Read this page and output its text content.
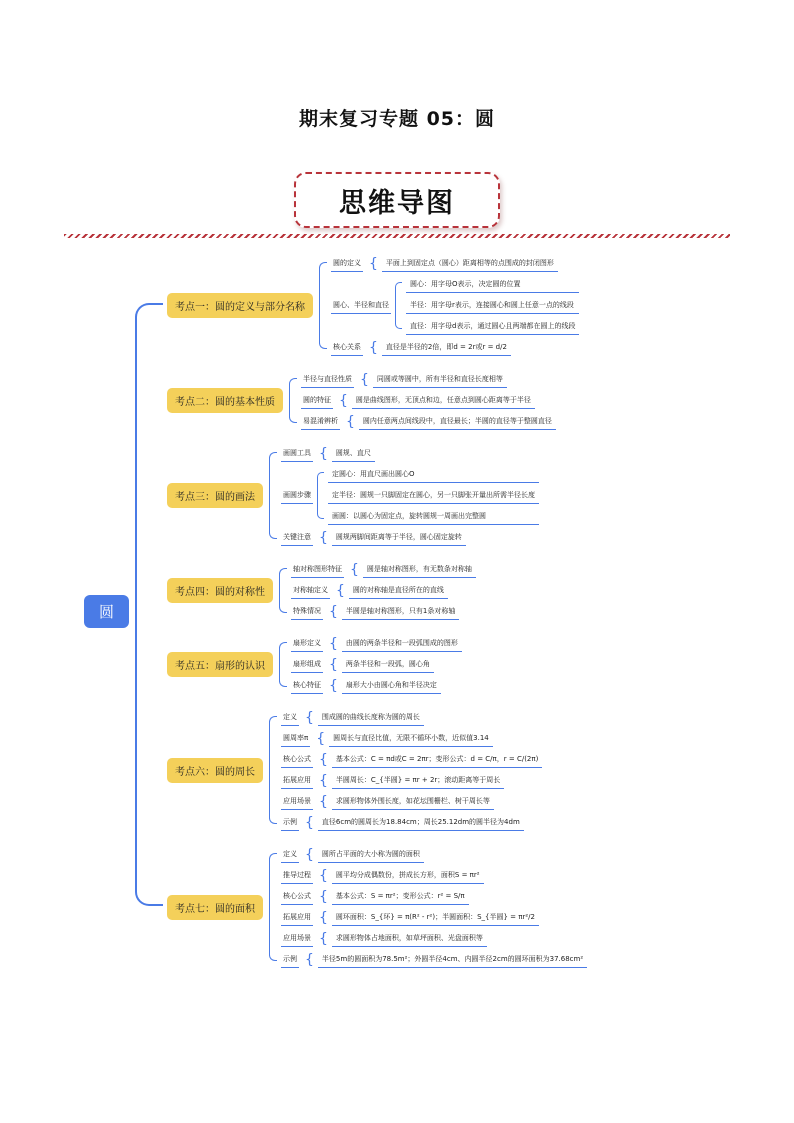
期末复习专题 05：圆
思维导图
圆
考点一：圆的定义与部分名称
圆的定义 {	平面上到固定点（圆心）距离相等的点围成的封闭图形
圆心、半径和直径
圆心：用字母O表示，决定圆的位置
半径：用字母r表示，连接圆心和圆上任意一点的线段
直径：用字母d表示，通过圆心且两端都在圆上的线段
核心关系 {	直径是半径的2倍，即d = 2r或r = d/2
考点二：圆的基本性质
半径与直径性质 {	同圆或等圆中，所有半径和直径长度相等
圆的特征 {	圆是曲线图形，无顶点和边，任意点到圆心距离等于半径
易混淆辨析 {	圆内任意两点间线段中，直径最长；半圆的直径等于整圆直径
考点三：圆的画法
画圆工具 {	圆规、直尺
画圆步骤
定圆心：用直尺画出圆心O
定半径：圆规一只脚固定在圆心，另一只脚张开量出所需半径长度
画圆：以圆心为固定点，旋转圆规一周画出完整圆
关键注意 {	圆规两脚间距离等于半径，圆心固定旋转
考点四：圆的对称性
轴对称图形特征 {	圆是轴对称图形，有无数条对称轴
对称轴定义 {	圆的对称轴是直径所在的直线
特殊情况 {	半圆是轴对称图形，只有1条对称轴
考点五：扇形的认识
扇形定义 {	由圆的两条半径和一段弧围成的图形
扇形组成 {	两条半径和一段弧，圆心角
核心特征 {	扇形大小由圆心角和半径决定
考点六：圆的周长
定义 {	围成圆的曲线长度称为圆的周长
圆周率π {	圆周长与直径比值，无限不循环小数，近似值3.14
核心公式 {	基本公式：C = πd或C = 2πr；变形公式：d = C/π，r = C/(2π)
拓展应用 {	半圆周长：C_{半圆} = πr + 2r；滚动距离等于周长
应用场景 {	求圆形物体外围长度，如花坛围栅栏、树干周长等
示例 {	直径6cm的圆周长为18.84cm；周长25.12dm的圆半径为4dm
考点七：圆的面积
定义 {	圆所占平面的大小称为圆的面积
推导过程 {	圆平均分成偶数份，拼成长方形，面积S = πr²
核心公式 {	基本公式：S = πr²；变形公式：r² = S/π
拓展应用 {	圆环面积：S_{环} = π(R² - r²)；半圆面积：S_{半圆} = πr²/2
应用场景 {	求圆形物体占地面积，如草坪面积、光盘面积等
示例 {	半径5m的圆面积为78.5m²；外圆半径4cm、内圆半径2cm的圆环面积为37.68cm²
